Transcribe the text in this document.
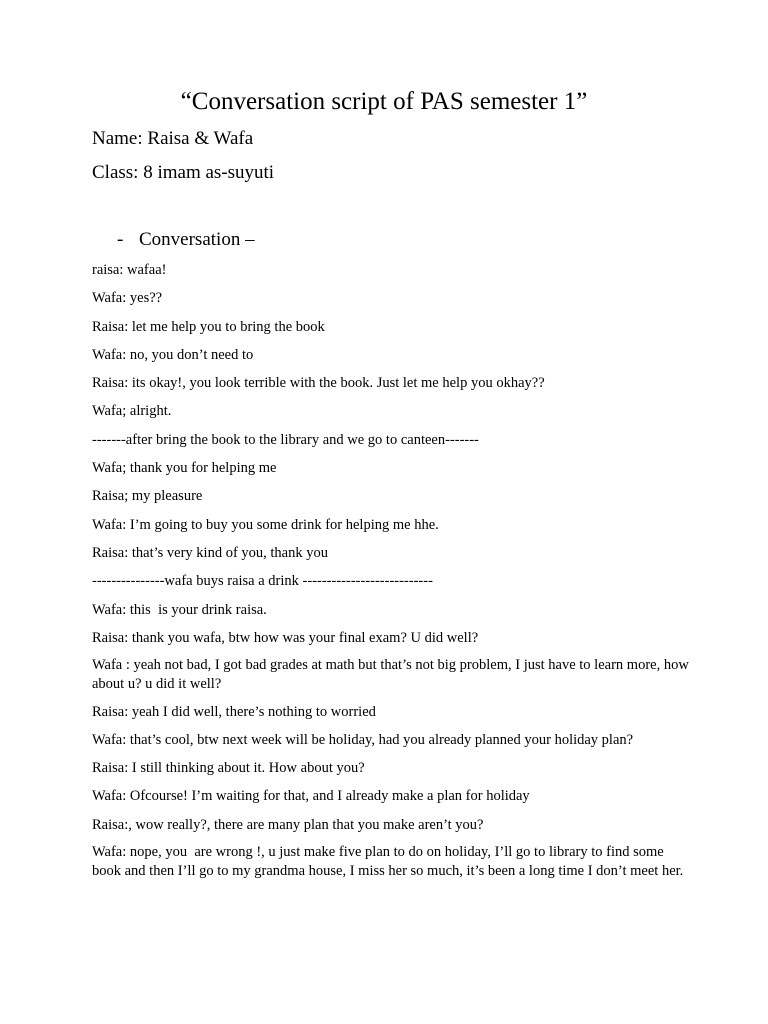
“Conversation script of PAS semester 1”
Name: Raisa & Wafa
Class: 8 imam as-suyuti
- Conversation –
raisa: wafaa!
Wafa: yes??
Raisa: let me help you to bring the book
Wafa: no, you don’t need to
Raisa: its okay!, you look terrible with the book. Just let me help you okhay??
Wafa; alright.
-------after bring the book to the library and we go to canteen-------
Wafa; thank you for helping me
Raisa; my pleasure
Wafa: I’m going to buy you some drink for helping me hhe.
Raisa: that’s very kind of you, thank you
---------------wafa buys raisa a drink ---------------------------
Wafa: this  is your drink raisa.
Raisa: thank you wafa, btw how was your final exam? U did well?
Wafa : yeah not bad, I got bad grades at math but that’s not big problem, I just have to learn more, how about u? u did it well?
Raisa: yeah I did well, there’s nothing to worried
Wafa: that’s cool, btw next week will be holiday, had you already planned your holiday plan?
Raisa: I still thinking about it. How about you?
Wafa: Ofcourse! I’m waiting for that, and I already make a plan for holiday
Raisa:, wow really?, there are many plan that you make aren’t you?
Wafa: nope, you  are wrong !, u just make five plan to do on holiday, I’ll go to library to find some book and then I’ll go to my grandma house, I miss her so much, it’s been a long time I don’t meet her.
